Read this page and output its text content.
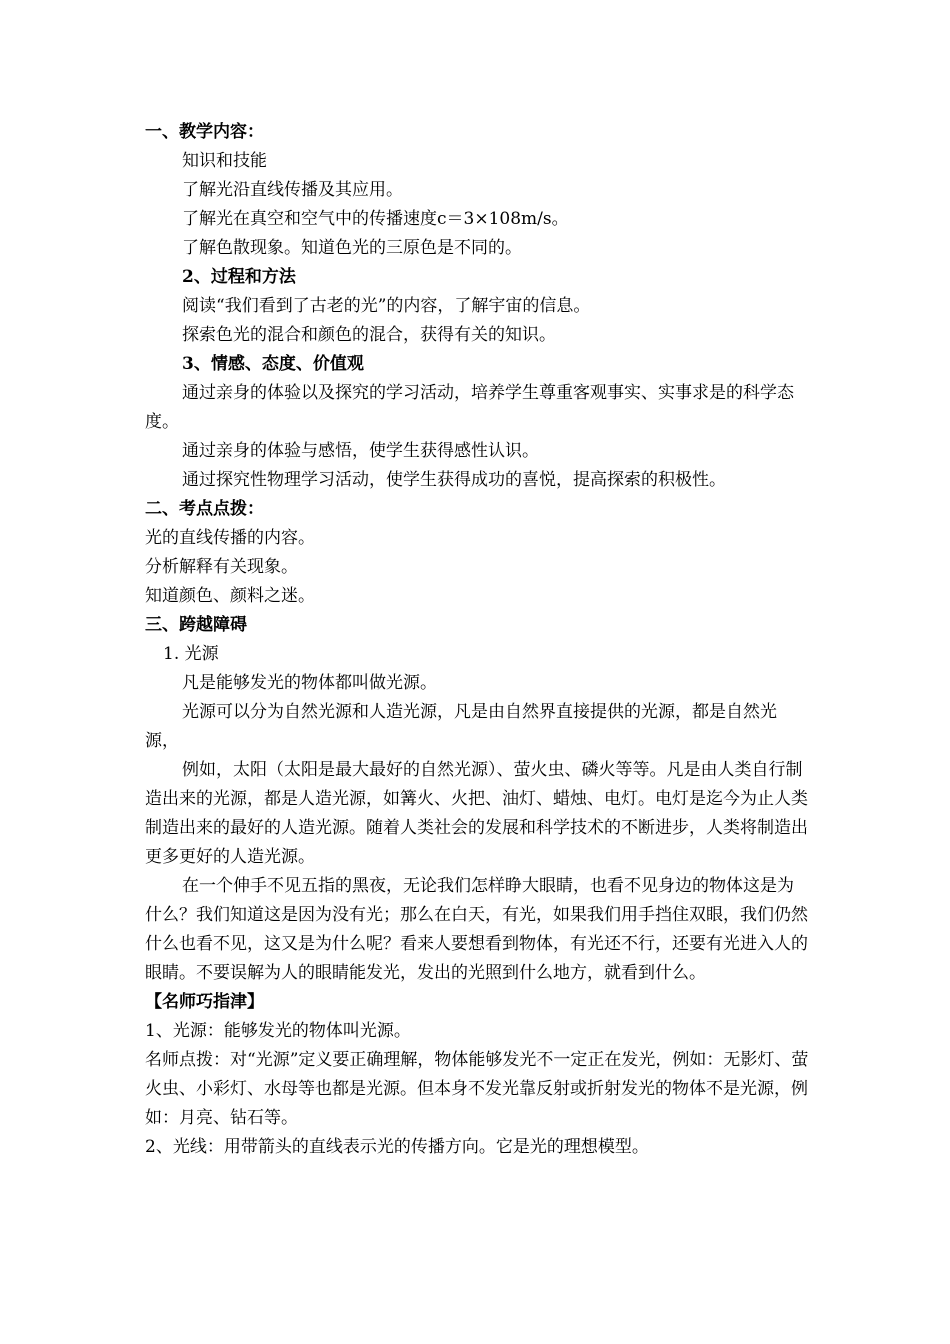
一、教学内容：

知识和技能

了解光沿直线传播及其应用。

了解光在真空和空气中的传播速度c＝3×108m/s。

了解色散现象。知道色光的三原色是不同的。

2、过程和方法

阅读“我们看到了古老的光”的内容，了解宇宙的信息。

探索色光的混合和颜色的混合，获得有关的知识。

3、情感、态度、价值观

通过亲身的体验以及探究的学习活动，培养学生尊重客观事实、实事求是的科学态度。

通过亲身的体验与感悟，使学生获得感性认识。

通过探究性物理学习活动，使学生获得成功的喜悦，提高探索的积极性。

二、考点点拨：

光的直线传播的内容。

分析解释有关现象。

知道颜色、颜料之迷。

三、跨越障碍

1. 光源

凡是能够发光的物体都叫做光源。

光源可以分为自然光源和人造光源，凡是由自然界直接提供的光源，都是自然光源，

例如，太阳（太阳是最大最好的自然光源）、萤火虫、磷火等等。凡是由人类自行制造出来的光源，都是人造光源，如篝火、火把、油灯、蜡烛、电灯。电灯是迄今为止人类制造出来的最好的人造光源。随着人类社会的发展和科学技术的不断进步，人类将制造出更多更好的人造光源。

在一个伸手不见五指的黑夜，无论我们怎样睁大眼睛，也看不见身边的物体这是为什么？我们知道这是因为没有光；那么在白天，有光，如果我们用手挡住双眼，我们仍然什么也看不见，这又是为什么呢？看来人要想看到物体，有光还不行，还要有光进入人的眼睛。不要误解为人的眼睛能发光，发出的光照到什么地方，就看到什么。

【名师巧指津】

1、光源：能够发光的物体叫光源。

名师点拨：对“光源”定义要正确理解，物体能够发光不一定正在发光，例如：无影灯、萤火虫、小彩灯、水母等也都是光源。但本身不发光靠反射或折射发光的物体不是光源，例如：月亮、钻石等。

2、光线：用带箭头的直线表示光的传播方向。它是光的理想模型。
